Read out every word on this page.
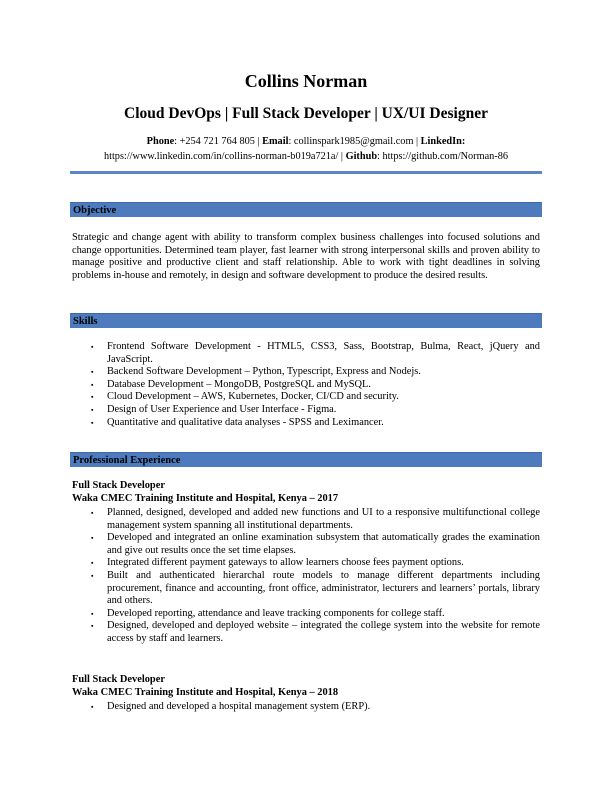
Collins Norman
Cloud DevOps | Full Stack Developer | UX/UI Designer
Phone: +254 721 764 805 | Email: collinspark1985@gmail.com | LinkedIn:
https://www.linkedin.com/in/collins-norman-b019a721a/ | Github: https://github.com/Norman-86
Objective
Strategic and change agent with ability to transform complex business challenges into focused solutions and change opportunities. Determined team player, fast learner with strong interpersonal skills and proven ability to manage positive and productive client and staff relationship. Able to work with tight deadlines in solving problems in-house and remotely, in design and software development to produce the desired results.
Skills
▪ Frontend Software Development - HTML5, CSS3, Sass, Bootstrap, Bulma, React, jQuery and JavaScript.
▪ Backend Software Development – Python, Typescript, Express and Nodejs.
▪ Database Development – MongoDB, PostgreSQL and MySQL.
▪ Cloud Development – AWS, Kubernetes, Docker, CI/CD and security.
▪ Design of User Experience and User Interface - Figma.
▪ Quantitative and qualitative data analyses - SPSS and Leximancer.
Professional Experience
Full Stack Developer
Waka CMEC Training Institute and Hospital, Kenya – 2017
▪ Planned, designed, developed and added new functions and UI to a responsive multifunctional college management system spanning all institutional departments.
▪ Developed and integrated an online examination subsystem that automatically grades the examination and give out results once the set time elapses.
▪ Integrated different payment gateways to allow learners choose fees payment options.
▪ Built and authenticated hierarchal route models to manage different departments including procurement, finance and accounting, front office, administrator, lecturers and learners’ portals, library and others.
▪ Developed reporting, attendance and leave tracking components for college staff.
▪ Designed, developed and deployed website – integrated the college system into the website for remote access by staff and learners.
Full Stack Developer
Waka CMEC Training Institute and Hospital, Kenya – 2018
▪ Designed and developed a hospital management system (ERP).
